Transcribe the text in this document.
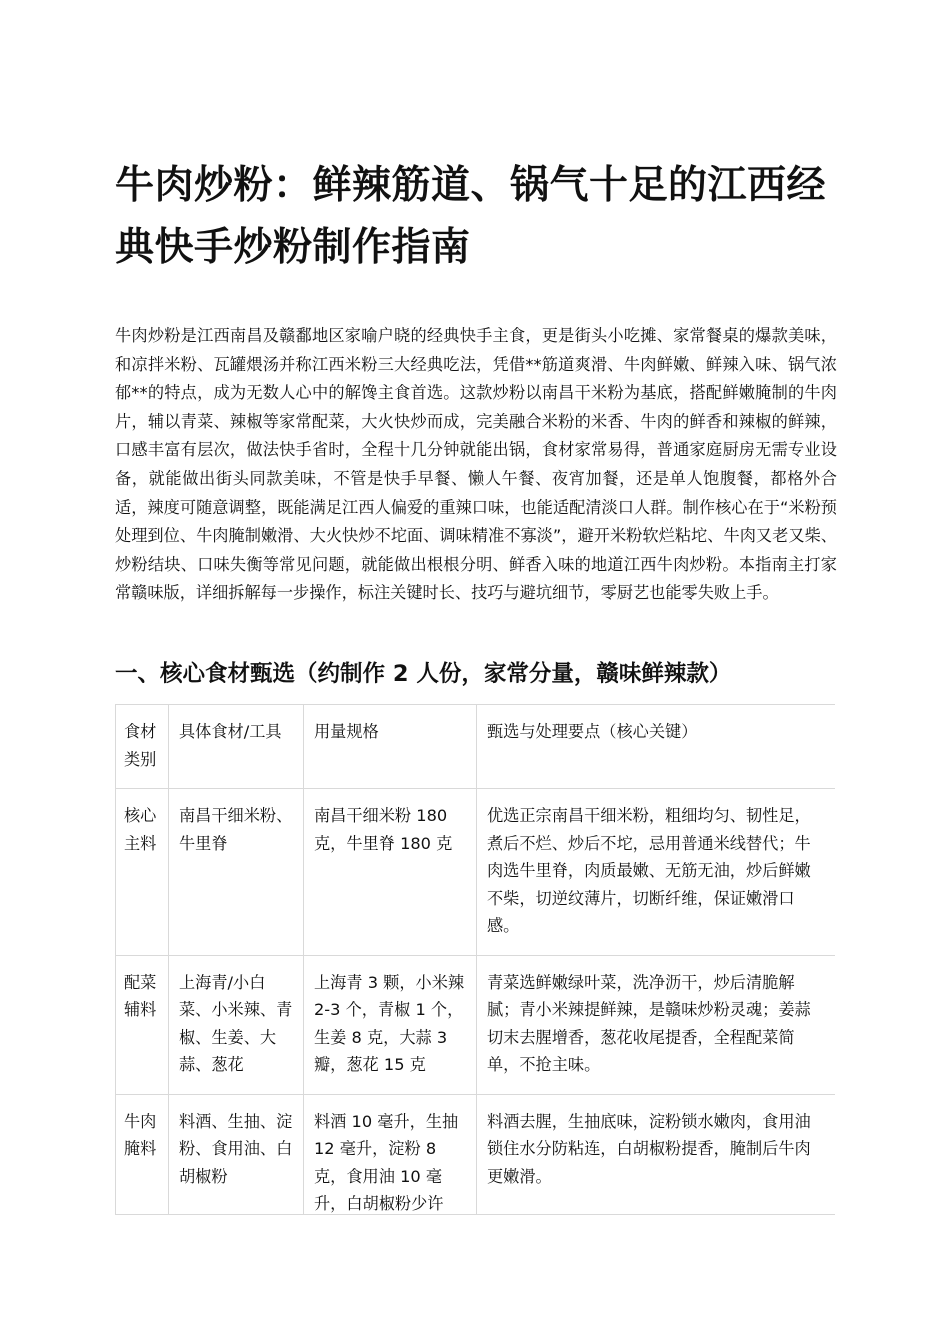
牛肉炒粉：鲜辣筋道、锅气十足的江西经典快手炒粉制作指南

牛肉炒粉是江西南昌及赣鄱地区家喻户晓的经典快手主食，更是街头小吃摊、家常餐桌的爆款美味，和凉拌米粉、瓦罐煨汤并称江西米粉三大经典吃法，凭借**筋道爽滑、牛肉鲜嫩、鲜辣入味、锅气浓郁**的特点，成为无数人心中的解馋主食首选。这款炒粉以南昌干米粉为基底，搭配鲜嫩腌制的牛肉片，辅以青菜、辣椒等家常配菜，大火快炒而成，完美融合米粉的米香、牛肉的鲜香和辣椒的鲜辣，口感丰富有层次，做法快手省时，全程十几分钟就能出锅，食材家常易得，普通家庭厨房无需专业设备，就能做出街头同款美味，不管是快手早餐、懒人午餐、夜宵加餐，还是单人饱腹餐，都格外合适，辣度可随意调整，既能满足江西人偏爱的重辣口味，也能适配清淡口人群。制作核心在于“米粉预处理到位、牛肉腌制嫩滑、大火快炒不坨面、调味精准不寡淡”，避开米粉软烂粘坨、牛肉又老又柴、炒粉结块、口味失衡等常见问题，就能做出根根分明、鲜香入味的地道江西牛肉炒粉。本指南主打家常赣味版，详细拆解每一步操作，标注关键时长、技巧与避坑细节，零厨艺也能零失败上手。

一、核心食材甄选（约制作 2 人份，家常分量，赣味鲜辣款）
食材类别	具体食材/工具	用量规格	甄选与处理要点（核心关键）
核心主料	南昌干细米粉、牛里脊	南昌干细米粉 180 克，牛里脊 180 克	优选正宗南昌干细米粉，粗细均匀、韧性足，煮后不烂、炒后不坨，忌用普通米线替代；牛肉选牛里脊，肉质最嫩、无筋无油，炒后鲜嫩不柴，切逆纹薄片，切断纤维，保证嫩滑口感。
配菜辅料	上海青/小白菜、小米辣、青椒、生姜、大蒜、葱花	上海青 3 颗，小米辣 2-3 个，青椒 1 个，生姜 8 克，大蒜 3 瓣，葱花 15 克	青菜选鲜嫩绿叶菜，洗净沥干，炒后清脆解腻；青小米辣提鲜辣，是赣味炒粉灵魂；姜蒜切末去腥增香，葱花收尾提香，全程配菜简单，不抢主味。
牛肉腌料	料酒、生抽、淀粉、食用油、白胡椒粉	料酒 10 毫升，生抽 12 毫升，淀粉 8 克，食用油 10 毫升，白胡椒粉少许	料酒去腥，生抽底味，淀粉锁水嫩肉，食用油锁住水分防粘连，白胡椒粉提香，腌制后牛肉更嫩滑。
